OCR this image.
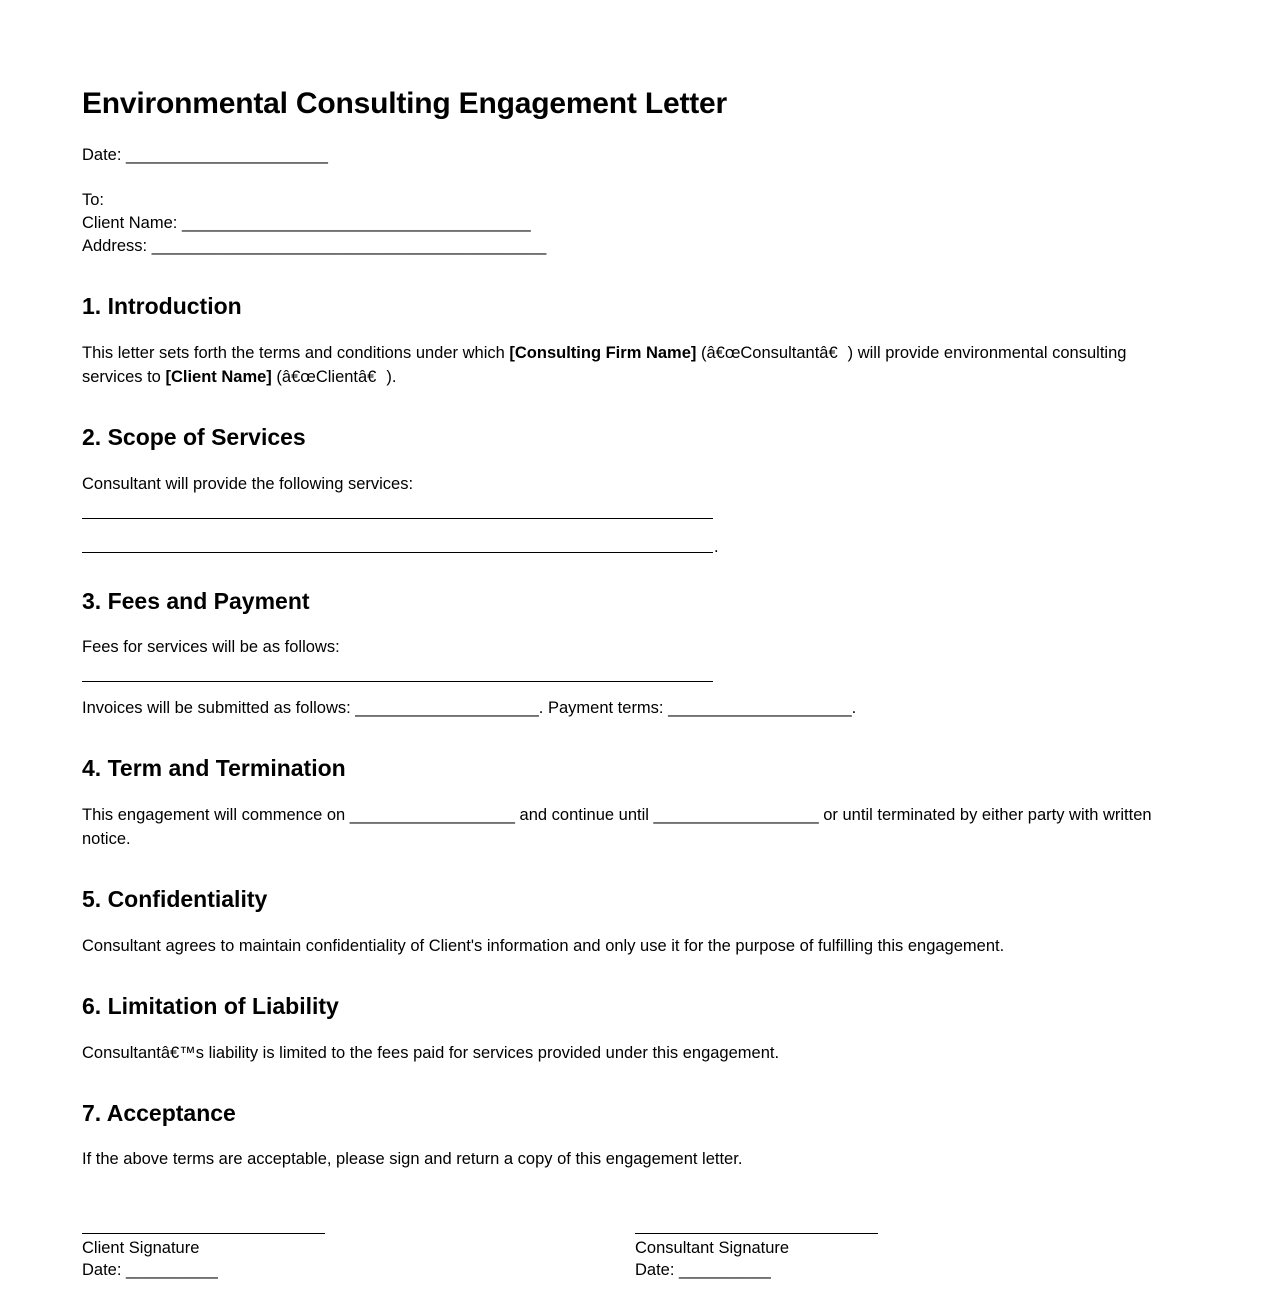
Environmental Consulting Engagement Letter

Date: ______________________

To:

Client Name: ______________________________________

Address: ___________________________________________

1. Introduction

This letter sets forth the terms and conditions under which [Consulting Firm Name] (â€œConsultantâ€) will provide environmental consulting services to [Client Name] (â€œClientâ€).

2. Scope of Services

Consultant will provide the following services:

.
3. Fees and Payment

Fees for services will be as follows:

Invoices will be submitted as follows: ____________________. Payment terms: ____________________.

4. Term and Termination

This engagement will commence on __________________ and continue until __________________ or until terminated by either party with written notice.

5. Confidentiality

Consultant agrees to maintain confidentiality of Client's information and only use it for the purpose of fulfilling this engagement.

6. Limitation of Liability

Consultantâ€™s liability is limited to the fees paid for services provided under this engagement.

7. Acceptance

If the above terms are acceptable, please sign and return a copy of this engagement letter.

Client Signature

Date: __________

Consultant Signature

Date: __________
